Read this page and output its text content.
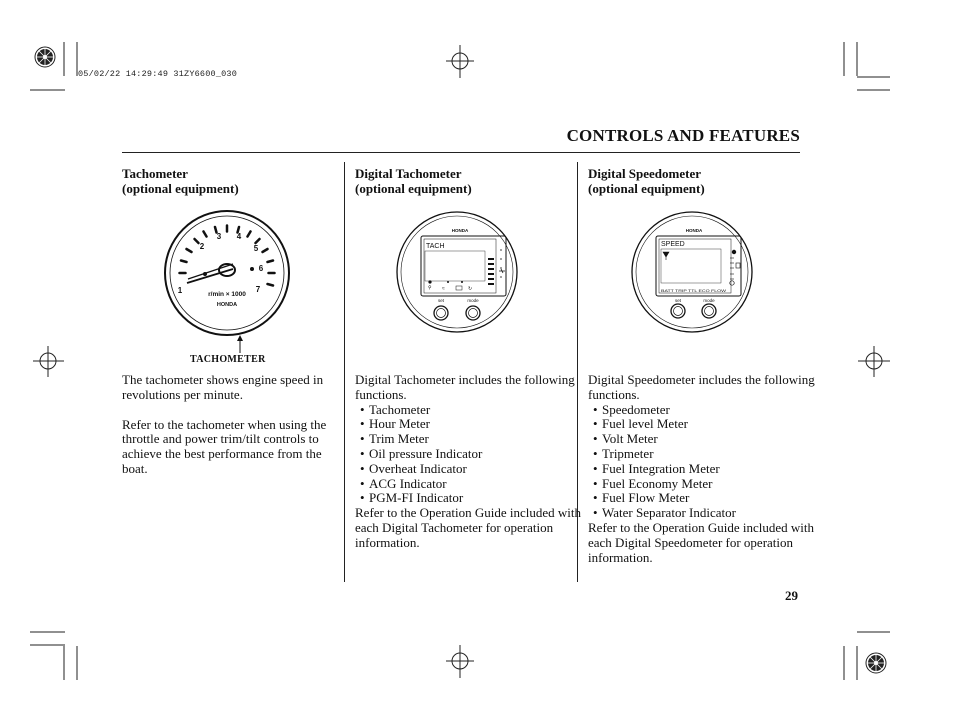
05/02/22 14:29:49 31ZY6600_030
CONTROLS AND FEATURES
Tachometer
(optional equipment)
1
2
3 4
5
6
7
r/min × 1000
HONDA
TACHOMETER

The tachometer shows engine speed in revolutions per minute.

Refer to the tachometer when using the throttle and power trim/tilt controls to achieve the best performance from the boat.

Digital Tachometer
(optional equipment)
HONDA
TACH
⚲ ≈	↻
set	mode

Digital Tachometer includes the following functions.

• Tachometer
• Hour Meter
• Trim Meter
• Oil pressure Indicator
• Overheat Indicator
• ACG Indicator
• PGM-FI Indicator

Refer to the Operation Guide included with each Digital Tachometer for operation information.

Digital Speedometer
(optional equipment)
HONDA
SPEED
BATT TRIP TTL ECO FLOW
set	mode

Digital Speedometer includes the following functions.

• Speedometer
• Fuel level Meter
• Volt Meter
• Tripmeter
• Fuel Integration Meter
• Fuel Economy Meter
• Fuel Flow Meter
• Water Separator Indicator

Refer to the Operation Guide included with each Digital Speedometer for operation information.

29
